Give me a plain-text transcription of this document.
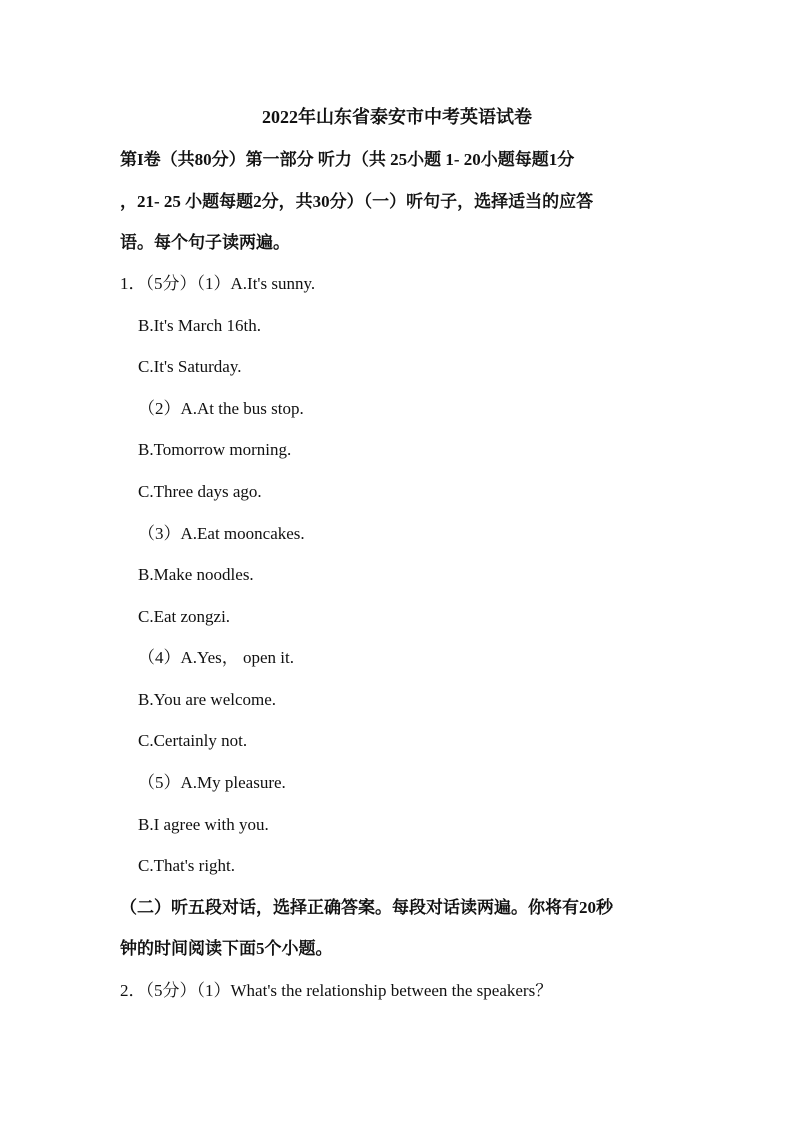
2022年山东省泰安市中考英语试卷
第I卷（共80分）第一部分 听力（共 25小题 1- 20小题每题1分
，21- 25 小题每题2分，共30分）（一）听句子，选择适当的应答
语。每个句子读两遍。
1．（5分）（1）A.It's sunny.
B.It's March 16th.
C.It's Saturday.
（2）A.At the bus stop.
B.Tomorrow morning.
C.Three days ago.
（3）A.Eat mooncakes.
B.Make noodles.
C.Eat zongzi.
（4）A.Yes， open it.
B.You are welcome.
C.Certainly not.
（5）A.My pleasure.
B.I agree with you.
C.That's right.
（二）听五段对话，选择正确答案。每段对话读两遍。你将有20秒
钟的时间阅读下面5个小题。
2．（5分）（1）What's the relationship between the speakers？
